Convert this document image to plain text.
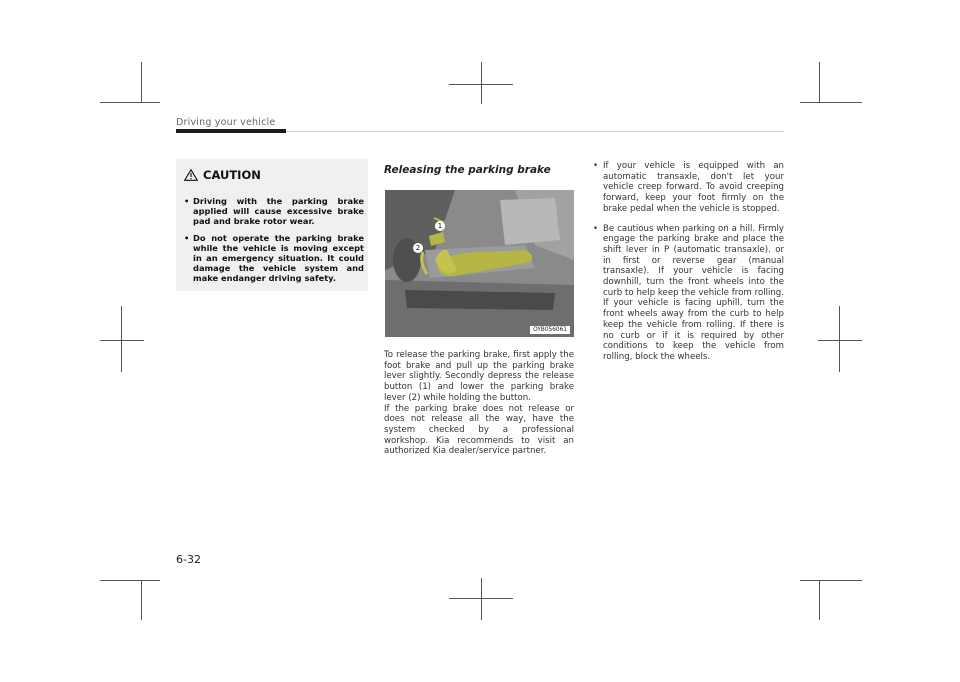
Driving your vehicle
CAUTION
• Driving with the parking brake applied will cause excessive brake pad and brake rotor wear.
• Do not operate the parking brake while the vehicle is moving except in an emergency situation. It could damage the vehicle system and make endanger driving safety.
Releasing the parking brake
1
2
OYB056061

To release the parking brake, first apply the foot brake and pull up the parking brake lever slightly. Secondly depress the release button (1) and lower the parking brake lever (2) while holding the button.

If the parking brake does not release or does not release all the way, have the system checked by a professional workshop. Kia recommends to visit an authorized Kia dealer/service partner.

• If your vehicle is equipped with an automatic transaxle, don't let your vehicle creep forward. To avoid creeping forward, keep your foot firmly on the brake pedal when the vehicle is stopped.
• Be cautious when parking on a hill. Firmly engage the parking brake and place the shift lever in P (automatic transaxle). or in first or reverse gear (manual transaxle). If your vehicle is facing downhill, turn the front wheels into the curb to help keep the vehicle from rolling. If your vehicle is facing uphill, turn the front wheels away from the curb to help keep the vehicle from rolling. If there is no curb or if it is required by other conditions to keep the vehicle from rolling, block the wheels.
6-32
